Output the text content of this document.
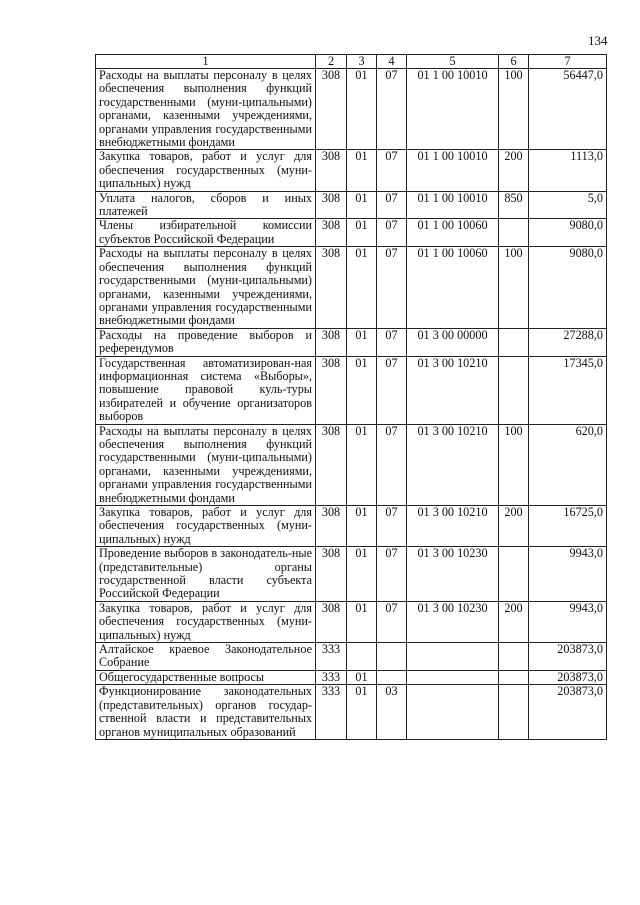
134
1	2	3	4	5	6	7
Расходы на выплаты персоналу в целях обеспечения выполнения функций государственными (муни-ципальными) органами, казенными учреждениями, органами управления государственными внебюджетными фондами	308	01	07	01 1 00 10010	100	56447,0
Закупка товаров, работ и услуг для обеспечения государственных (муни-ципальных) нужд	308	01	07	01 1 00 10010	200	1113,0
Уплата налогов, сборов и иных платежей	308	01	07	01 1 00 10010	850	5,0
Члены избирательной комиссии субъектов Российской Федерации	308	01	07	01 1 00 10060		9080,0
Расходы на выплаты персоналу в целях обеспечения выполнения функций государственными (муни-ципальными) органами, казенными учреждениями, органами управления государственными внебюджетными фондами	308	01	07	01 1 00 10060	100	9080,0
Расходы на проведение выборов и референдумов	308	01	07	01 3 00 00000		27288,0
Государственная автоматизирован-ная информационная система «Выборы», повышение правовой куль-туры избирателей и обучение организаторов выборов	308	01	07	01 3 00 10210		17345,0
Расходы на выплаты персоналу в целях обеспечения выполнения функций государственными (муни-ципальными) органами, казенными учреждениями, органами управления государственными внебюджетными фондами	308	01	07	01 3 00 10210	100	620,0
Закупка товаров, работ и услуг для обеспечения государственных (муни-ципальных) нужд	308	01	07	01 3 00 10210	200	16725,0
Проведение выборов в законодатель-ные (представительные) органы государственной власти субъекта Российской Федерации	308	01	07	01 3 00 10230		9943,0
Закупка товаров, работ и услуг для обеспечения государственных (муни-ципальных) нужд	308	01	07	01 3 00 10230	200	9943,0
Алтайское краевое Законодательное Собрание	333					203873,0
Общегосударственные вопросы	333	01				203873,0
Функционирование законодательных (представительных) органов государ-ственной власти и представительных органов муниципальных образований	333	01	03			203873,0
